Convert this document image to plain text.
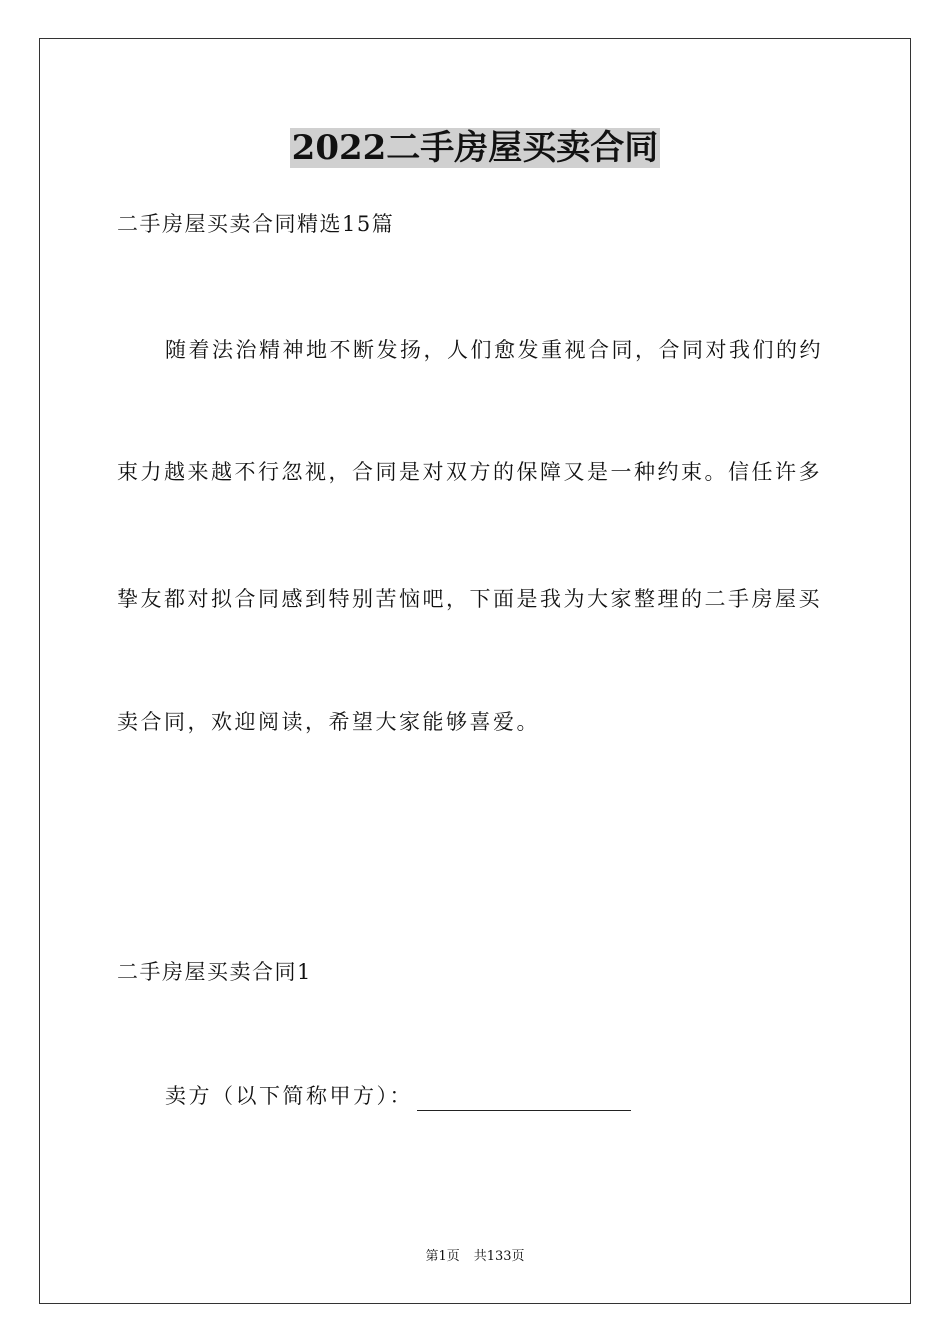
2022二手房屋买卖合同
二手房屋买卖合同精选15篇
随着法治精神地不断发扬，人们愈发重视合同，合同对我们的约
束力越来越不行忽视，合同是对双方的保障又是一种约束。信任许多
挚友都对拟合同感到特别苦恼吧，下面是我为大家整理的二手房屋买
卖合同，欢迎阅读，希望大家能够喜爱。
二手房屋买卖合同1
卖方（以下简称甲方）：
第1页 共133页
